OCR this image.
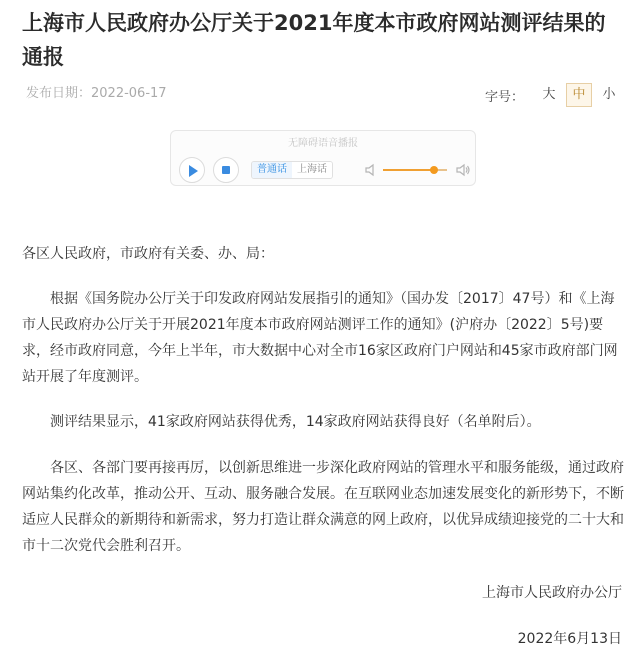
上海市人民政府办公厅关于2021年度本市政府网站测评结果的通报
发布日期：2022-06-17	字号：	大	中	小
无障碍语音播报
普通话	上海话
各区人民政府，市政府有关委、办、局：
根据《国务院办公厅关于印发政府网站发展指引的通知》（国办发〔2017〕47号）和《上海市人民政府办公厅关于开展2021年度本市政府网站测评工作的通知》(沪府办〔2022〕5号)要求，经市政府同意，今年上半年，市大数据中心对全市16家区政府门户网站和45家市政府部门网站开展了年度测评。
测评结果显示，41家政府网站获得优秀，14家政府网站获得良好（名单附后）。
各区、各部门要再接再厉，以创新思维进一步深化政府网站的管理水平和服务能级，通过政府网站集约化改革，推动公开、互动、服务融合发展。在互联网业态加速发展变化的新形势下，不断适应人民群众的新期待和新需求，努力打造让群众满意的网上政府，以优异成绩迎接党的二十大和市十二次党代会胜利召开。
上海市人民政府办公厅
2022年6月13日
